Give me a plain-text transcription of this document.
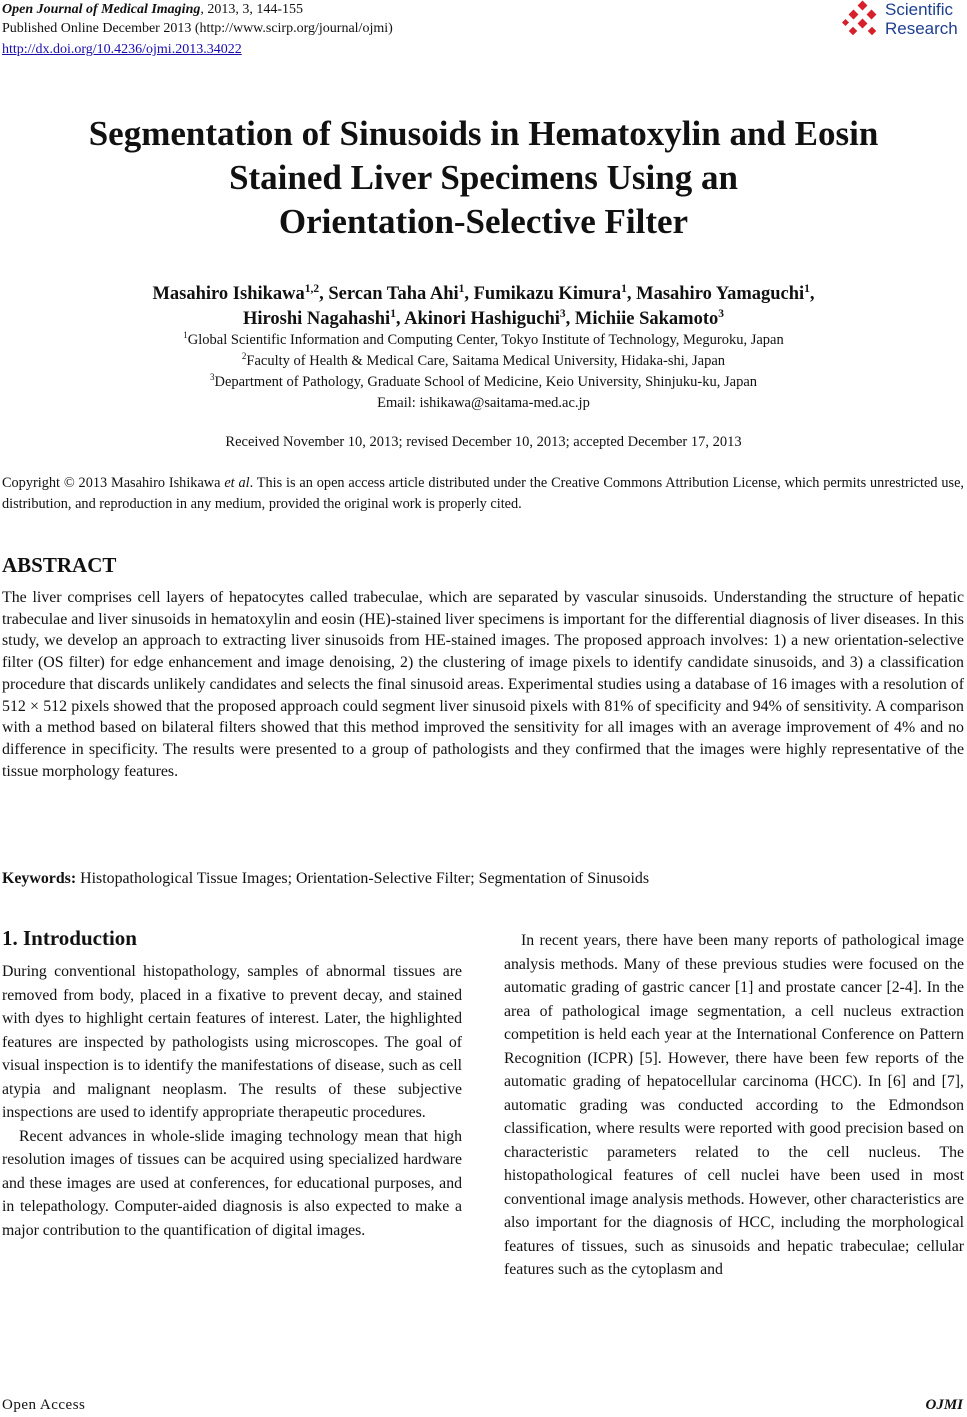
Open Journal of Medical Imaging, 2013, 3, 144-155
Published Online December 2013 (http://www.scirp.org/journal/ojmi)
http://dx.doi.org/10.4236/ojmi.2013.34022
Scientific
Research
Segmentation of Sinusoids in Hematoxylin and Eosin
Stained Liver Specimens Using an
Orientation-Selective Filter
Masahiro Ishikawa$^{1,2}$, Sercan Taha Ahi$^1$, Fumikazu Kimura$^1$, Masahiro Yamaguchi$^1$,
Hiroshi Nagahashi$^1$, Akinori Hashiguchi$^3$, Michiie Sakamoto$^3$
$^1$Global Scientific Information and Computing Center, Tokyo Institute of Technology, Meguroku, Japan
$^2$Faculty of Health & Medical Care, Saitama Medical University, Hidaka-shi, Japan
$^3$Department of Pathology, Graduate School of Medicine, Keio University, Shinjuku-ku, Japan
Email: ishikawa@saitama-med.ac.jp
Received November 10, 2013; revised December 10, 2013; accepted December 17, 2013
Copyright © 2013 Masahiro Ishikawa et al. This is an open access article distributed under the Creative Commons Attribution License, which permits unrestricted use, distribution, and reproduction in any medium, provided the original work is properly cited.
ABSTRACT

The liver comprises cell layers of hepatocytes called trabeculae, which are separated by vascular sinusoids. Understanding the structure of hepatic trabeculae and liver sinusoids in hematoxylin and eosin (HE)-stained liver specimens is important for the differential diagnosis of liver diseases. In this study, we develop an approach to extracting liver sinusoids from HE-stained images. The proposed approach involves: 1) a new orientation-selective filter (OS filter) for edge enhancement and image denoising, 2) the clustering of image pixels to identify candidate sinusoids, and 3) a classification procedure that discards unlikely candidates and selects the final sinusoid areas. Experimental studies using a database of 16 images with a resolution of 512 × 512 pixels showed that the proposed approach could segment liver sinusoid pixels with 81% of specificity and 94% of sensitivity. A comparison with a method based on bilateral filters showed that this method improved the sensitivity for all images with an average improvement of 4% and no difference in specificity. The results were presented to a group of pathologists and they confirmed that the images were highly representative of the tissue morphology features.

Keywords: Histopathological Tissue Images; Orientation-Selective Filter; Segmentation of Sinusoids
1. Introduction

During conventional histopathology, samples of abnormal tissues are removed from body, placed in a fixative to prevent decay, and stained with dyes to highlight certain features of interest. Later, the highlighted features are inspected by pathologists using microscopes. The goal of visual inspection is to identify the manifestations of disease, such as cell atypia and malignant neoplasm. The results of these subjective inspections are used to identify appropriate therapeutic procedures.

Recent advances in whole-slide imaging technology mean that high resolution images of tissues can be acquired using specialized hardware and these images are used at conferences, for educational purposes, and in telepathology. Computer-aided diagnosis is also expected to make a major contribution to the quantification of digital images.

In recent years, there have been many reports of pathological image analysis methods. Many of these previous studies were focused on the automatic grading of gastric cancer [1] and prostate cancer [2-4]. In the area of pathological image segmentation, a cell nucleus extraction competition is held each year at the International Conference on Pattern Recognition (ICPR) [5]. However, there have been few reports of the automatic grading of hepatocellular carcinoma (HCC). In [6] and [7], automatic grading was conducted according to the Edmondson classification, where results were reported with good precision based on characteristic parameters related to the cell nucleus. The histopathological features of cell nuclei have been used in most conventional image analysis methods. However, other characteristics are also important for the diagnosis of HCC, including the morphological features of tissues, such as sinusoids and hepatic trabeculae; cellular features such as the cytoplasm and

Open Access	OJMI
